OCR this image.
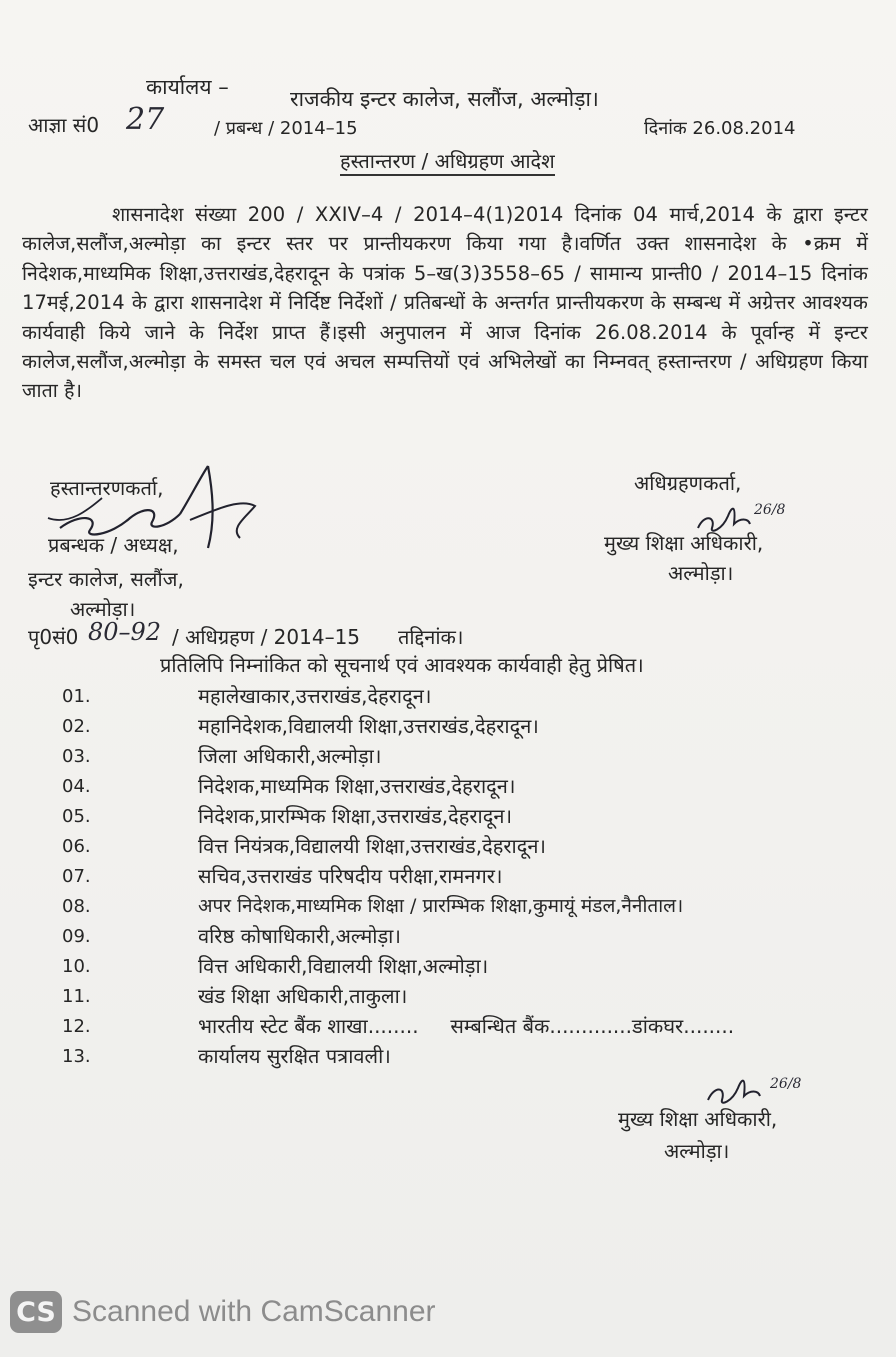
कार्यालय –	राजकीय इन्टर कालेज, सलौंज, अल्मोड़ा।
आज्ञा सं0 27	/ प्रबन्ध / 2014–15	दिनांक 26.08.2014
हस्तान्तरण / अधिग्रहण आदेश
शासनादेश संख्या 200 / XXIV–4 / 2014–4(1)2014 दिनांक 04 मार्च,2014 के द्वारा इन्टर कालेज,सलौंज,अल्मोड़ा का इन्टर स्तर पर प्रान्तीयकरण किया गया है।वर्णित उक्त शासनादेश के •क्रम में निदेशक,माध्यमिक शिक्षा,उत्तराखंड,देहरादून के पत्रांक 5–ख(3)3558–65 / सामान्य प्रान्ती0 / 2014–15 दिनांक 17मई,2014 के द्वारा शासनादेश में निर्दिष्ट निर्देशों / प्रतिबन्धों के अन्तर्गत प्रान्तीयकरण के सम्बन्ध में अग्रेत्तर आवश्यक कार्यवाही किये जाने के निर्देश प्राप्त हैं।इसी अनुपालन में आज दिनांक 26.08.2014 के पूर्वान्ह में इन्टर कालेज,सलौंज,अल्मोड़ा के समस्त चल एवं अचल सम्पत्तियों एवं अभिलेखों का निम्नवत् हस्तान्तरण / अधिग्रहण किया जाता है।
हस्तान्तरणकर्ता,
प्रबन्धक / अध्यक्ष,
इन्टर कालेज, सलौंज,
अल्मोड़ा।
अधिग्रहणकर्ता,
मुख्य शिक्षा अधिकारी,
अल्मोड़ा।
26/8
पृ0सं0 80–92 / अधिग्रहण / 2014–15 तद्दिनांक।
प्रतिलिपि निम्नांकित को सूचनार्थ एवं आवश्यक कार्यवाही हेतु प्रेषित।
01.	महालेखाकार,उत्तराखंड,देहरादून।
02.	महानिदेशक,विद्यालयी शिक्षा,उत्तराखंड,देहरादून।
03.	जिला अधिकारी,अल्मोड़ा।
04.	निदेशक,माध्यमिक शिक्षा,उत्तराखंड,देहरादून।
05.	निदेशक,प्रारम्भिक शिक्षा,उत्तराखंड,देहरादून।
06.	वित्त नियंत्रक,विद्यालयी शिक्षा,उत्तराखंड,देहरादून।
07.	सचिव,उत्तराखंड परिषदीय परीक्षा,रामनगर।
08.	अपर निदेशक,माध्यमिक शिक्षा / प्रारम्भिक शिक्षा,कुमायूं मंडल,नैनीताल।
09.	वरिष्ठ कोषाधिकारी,अल्मोड़ा।
10.	वित्त अधिकारी,विद्यालयी शिक्षा,अल्मोड़ा।
11.	खंड शिक्षा अधिकारी,ताकुला।
12.	भारतीय स्टेट बैंक शाखा........     सम्बन्धित बैंक.............डांकघर........
13.	कार्यालय सुरक्षित पत्रावली।
26/8
मुख्य शिक्षा अधिकारी,
अल्मोड़ा।
CS Scanned with CamScanner
